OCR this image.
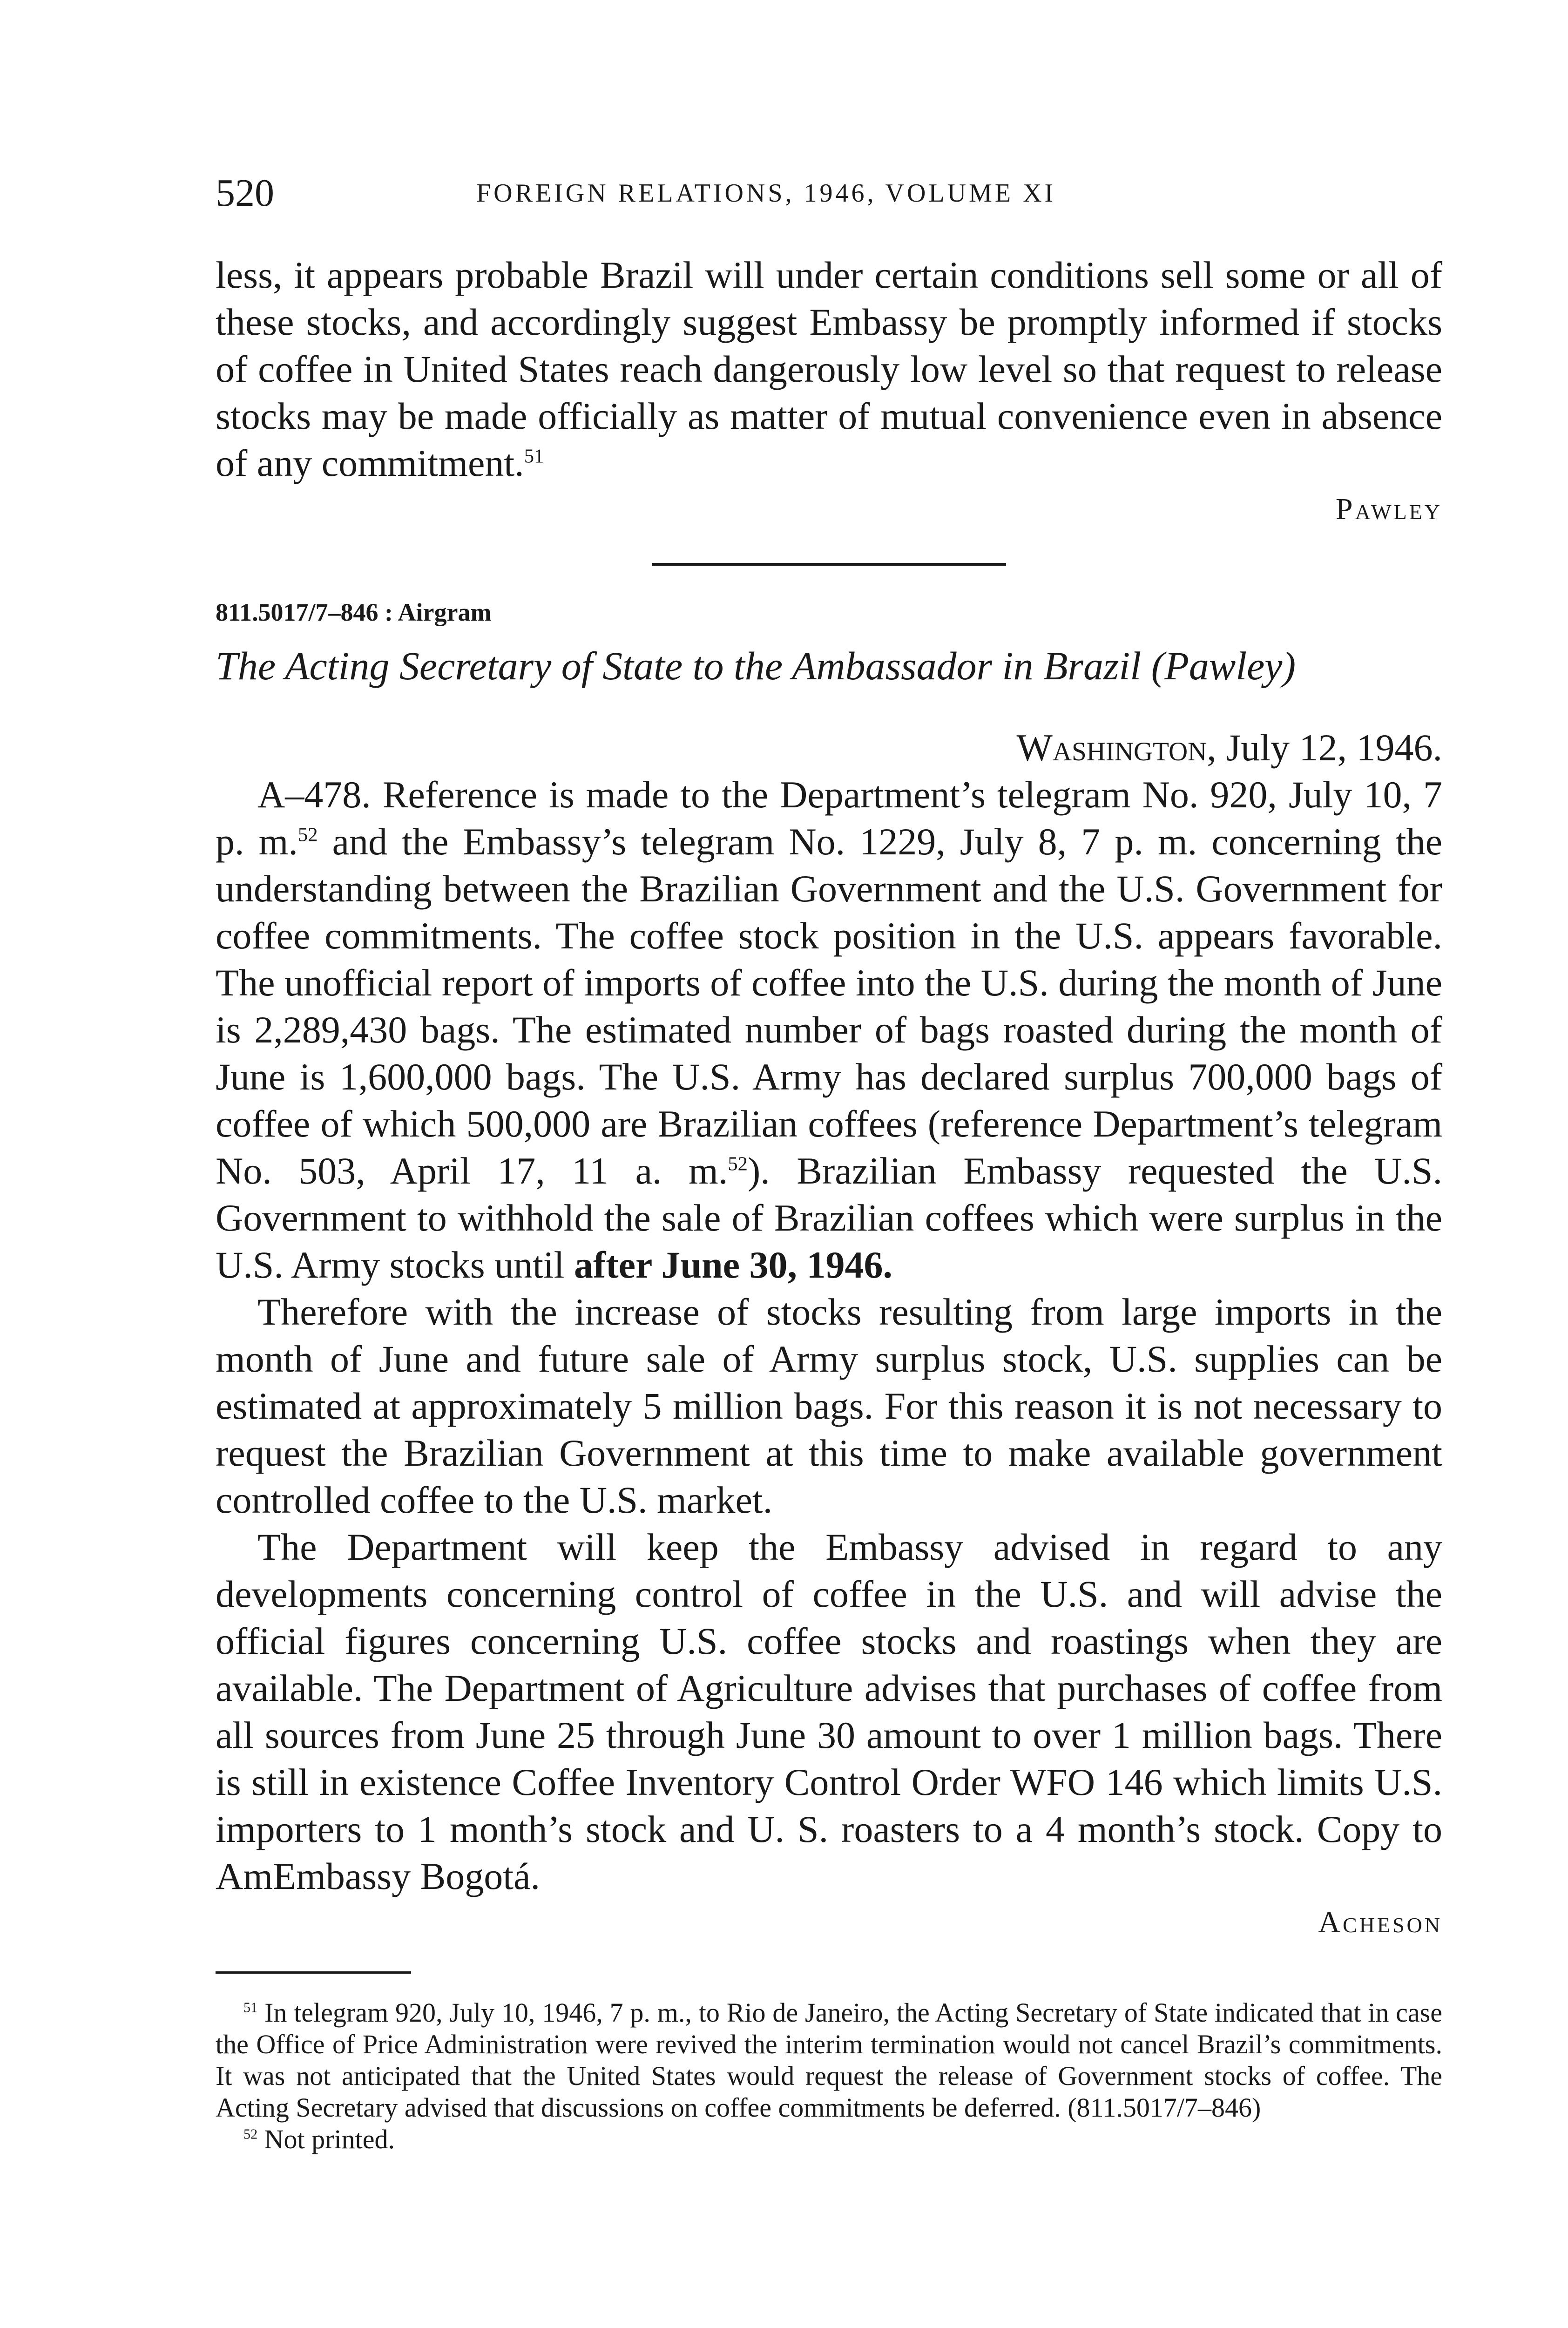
520	FOREIGN RELATIONS, 1946, VOLUME XI

less, it appears probable Brazil will under certain conditions sell some or all of these stocks, and accordingly suggest Embassy be promptly informed if stocks of coffee in United States reach dangerously low level so that request to release stocks may be made officially as matter of mutual convenience even in absence of any commitment.$^{51}$

Pawley

811.5017/7–846 : Airgram

The Acting Secretary of State to the Ambassador in Brazil (Pawley)

Washington, July 12, 1946.

A–478. Reference is made to the Department’s telegram No. 920, July 10, 7 p. m.$^{52}$ and the Embassy’s telegram No. 1229, July 8, 7 p. m. concerning the understanding between the Brazilian Government and the U.S. Government for coffee commitments. The coffee stock position in the U.S. appears favorable. The unofficial report of imports of coffee into the U.S. during the month of June is 2,289,430 bags. The estimated number of bags roasted during the month of June is 1,600,000 bags. The U.S. Army has declared surplus 700,000 bags of coffee of which 500,000 are Brazilian coffees (reference Department’s telegram No. 503, April 17, 11 a. m.$^{52}$). Brazilian Embassy requested the U.S. Government to withhold the sale of Brazilian coffees which were surplus in the U.S. Army stocks until after June 30, 1946.

Therefore with the increase of stocks resulting from large imports in the month of June and future sale of Army surplus stock, U.S. supplies can be estimated at approximately 5 million bags. For this reason it is not necessary to request the Brazilian Government at this time to make available government controlled coffee to the U.S. market.

The Department will keep the Embassy advised in regard to any developments concerning control of coffee in the U.S. and will advise the official figures concerning U.S. coffee stocks and roastings when they are available. The Department of Agriculture advises that purchases of coffee from all sources from June 25 through June 30 amount to over 1 million bags. There is still in existence Coffee Inventory Control Order WFO 146 which limits U.S. importers to 1 month’s stock and U. S. roasters to a 4 month’s stock. Copy to AmEmbassy Bogotá.

Acheson

$^{51}$ In telegram 920, July 10, 1946, 7 p. m., to Rio de Janeiro, the Acting Secretary of State indicated that in case the Office of Price Administration were revived the interim termination would not cancel Brazil’s commitments. It was not anticipated that the United States would request the release of Government stocks of coffee. The Acting Secretary advised that discussions on coffee commitments be deferred. (811.5017/7–846)

$^{52}$ Not printed.
